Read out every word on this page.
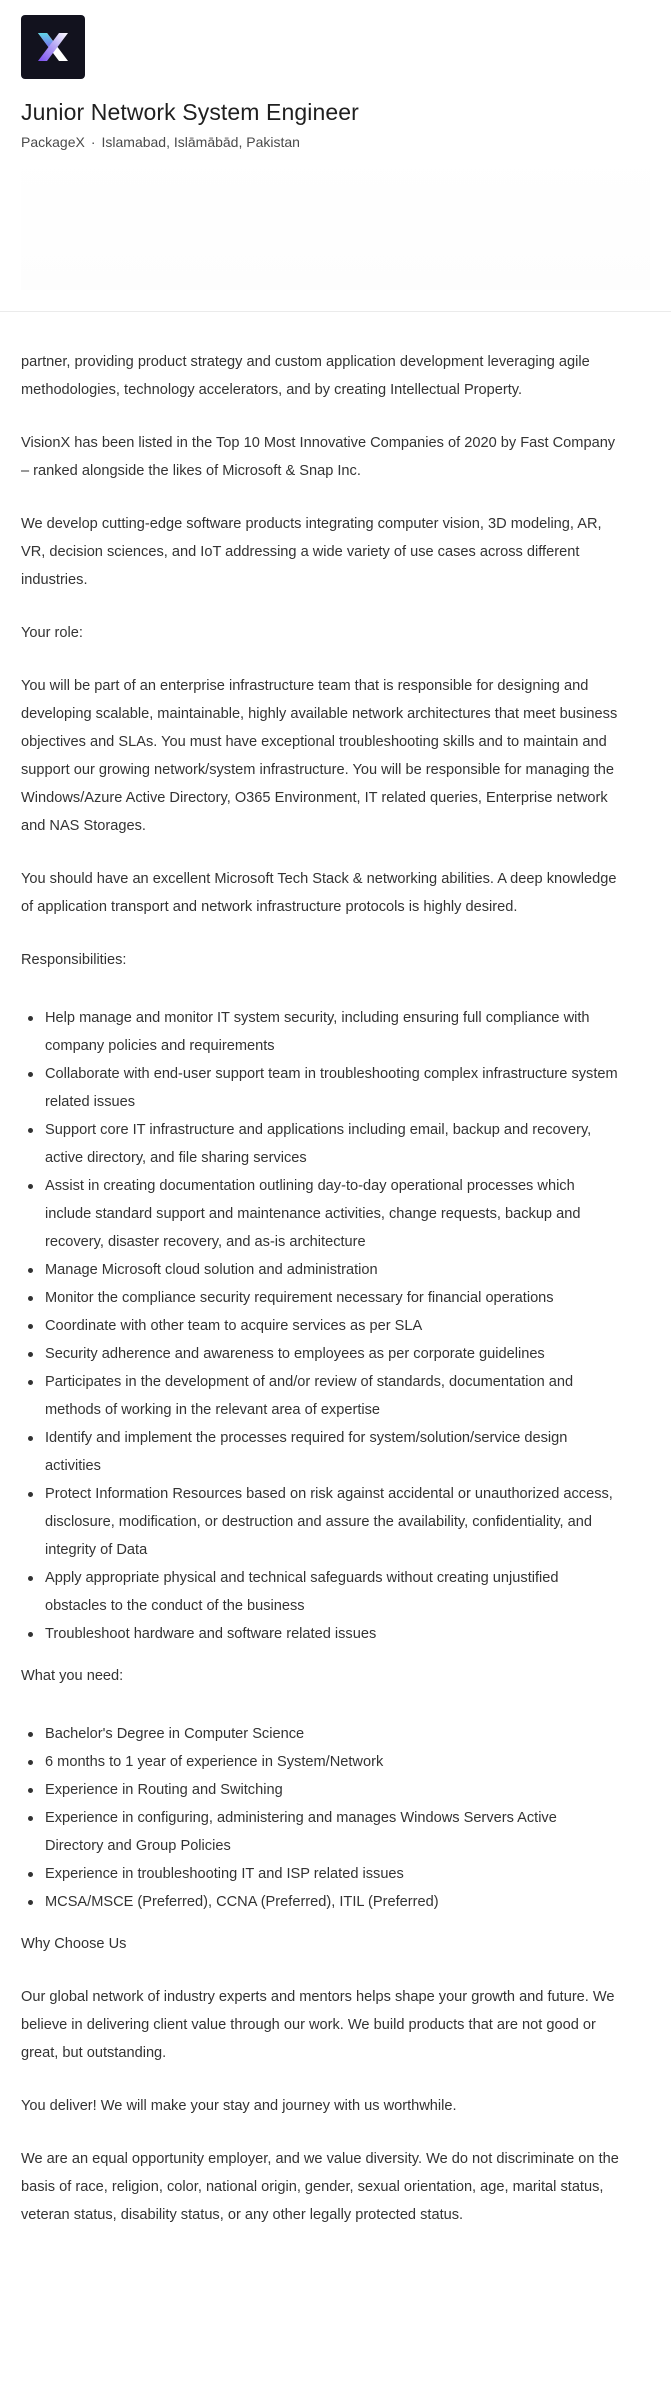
Junior Network System Engineer
PackageX · Islamabad, Islāmābād, Pakistan

partner, providing product strategy and custom application development leveraging agile methodologies, technology accelerators, and by creating Intellectual Property.

VisionX has been listed in the Top 10 Most Innovative Companies of 2020 by Fast Company – ranked alongside the likes of Microsoft & Snap Inc.

We develop cutting-edge software products integrating computer vision, 3D modeling, AR, VR, decision sciences, and IoT addressing a wide variety of use cases across different industries.

Your role:

You will be part of an enterprise infrastructure team that is responsible for designing and developing scalable, maintainable, highly available network architectures that meet business objectives and SLAs. You must have exceptional troubleshooting skills and to maintain and support our growing network/system infrastructure. You will be responsible for managing the Windows/Azure Active Directory, O365 Environment, IT related queries, Enterprise network and NAS Storages.

You should have an excellent Microsoft Tech Stack & networking abilities. A deep knowledge of application transport and network infrastructure protocols is highly desired.

Responsibilities:

Help manage and monitor IT system security, including ensuring full compliance with company policies and requirements
Collaborate with end-user support team in troubleshooting complex infrastructure system related issues
Support core IT infrastructure and applications including email, backup and recovery, active directory, and file sharing services
Assist in creating documentation outlining day-to-day operational processes which include standard support and maintenance activities, change requests, backup and recovery, disaster recovery, and as-is architecture
Manage Microsoft cloud solution and administration
Monitor the compliance security requirement necessary for financial operations
Coordinate with other team to acquire services as per SLA
Security adherence and awareness to employees as per corporate guidelines
Participates in the development of and/or review of standards, documentation and methods of working in the relevant area of expertise
Identify and implement the processes required for system/solution/service design activities
Protect Information Resources based on risk against accidental or unauthorized access, disclosure, modification, or destruction and assure the availability, confidentiality, and integrity of Data
Apply appropriate physical and technical safeguards without creating unjustified obstacles to the conduct of the business
Troubleshoot hardware and software related issues

What you need:

Bachelor's Degree in Computer Science
6 months to 1 year of experience in System/Network
Experience in Routing and Switching
Experience in configuring, administering and manages Windows Servers Active Directory and Group Policies
Experience in troubleshooting IT and ISP related issues
MCSA/MSCE (Preferred), CCNA (Preferred), ITIL (Preferred)

Why Choose Us

Our global network of industry experts and mentors helps shape your growth and future. We believe in delivering client value through our work. We build products that are not good or great, but outstanding.

You deliver! We will make your stay and journey with us worthwhile.

We are an equal opportunity employer, and we value diversity. We do not discriminate on the basis of race, religion, color, national origin, gender, sexual orientation, age, marital status, veteran status, disability status, or any other legally protected status.
